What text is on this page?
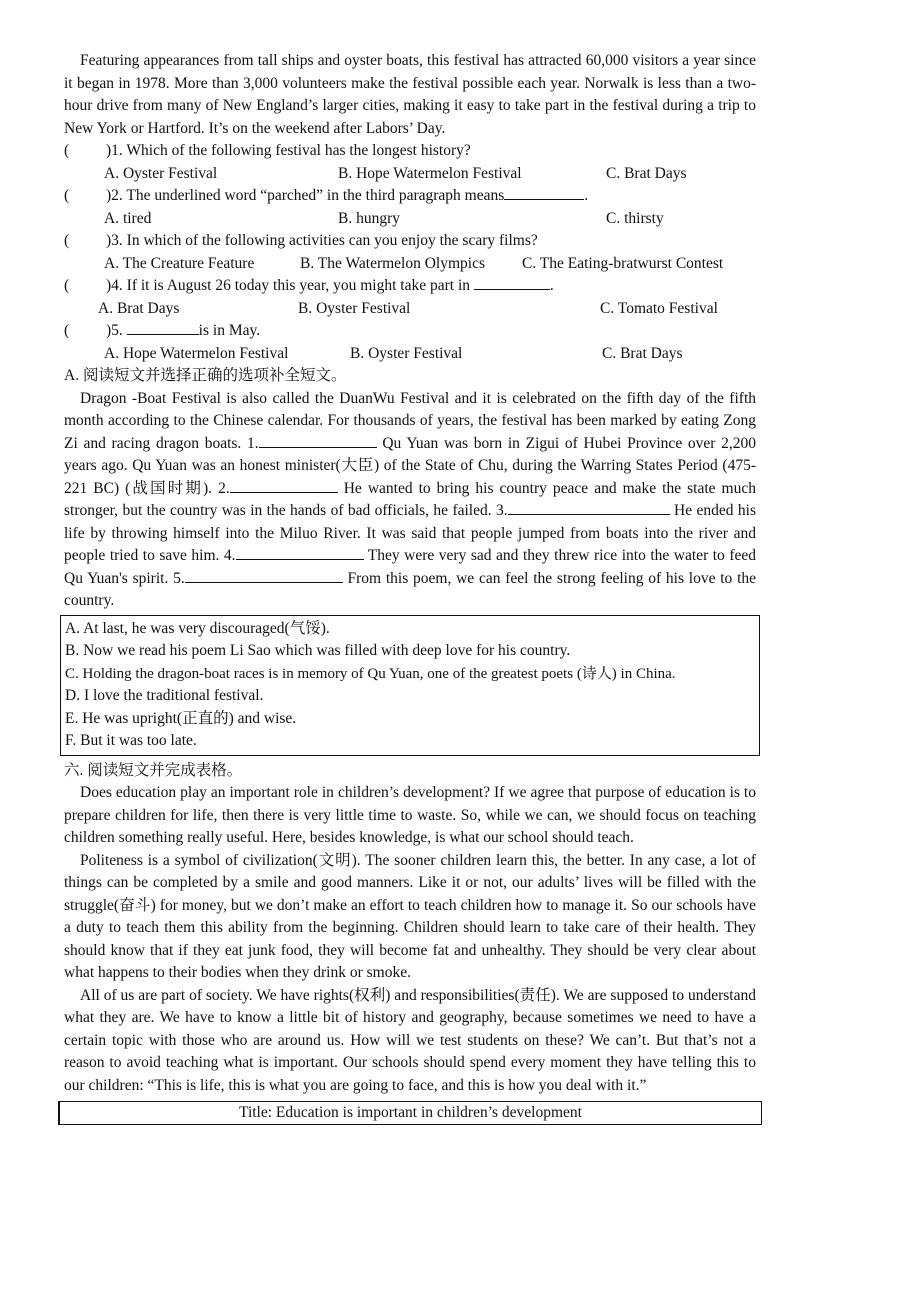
Featuring appearances from tall ships and oyster boats, this festival has attracted 60,000 visitors a year since it began in 1978. More than 3,000 volunteers make the festival possible each year. Norwalk is less than a two-hour drive from many of New England’s larger cities, making it easy to take part in the festival during a trip to New York or Hartford. It’s on the weekend after Labors’ Day.

(	)1. Which of the following festival has the longest history?
A. Oyster Festival	B. Hope Watermelon Festival	C. Brat Days
(	)2. The underlined word “parched” in the third paragraph means	.
A. tired	B. hungry	C. thirsty
(	)3. In which of the following activities can you enjoy the scary films?
A. The Creature Feature	B. The Watermelon Olympics	C. The Eating-bratwurst Contest
(	)4. If it is August 26 today this year, you might take part in	.
A. Brat Days	B. Oyster Festival	C. Tomato Festival
(	)5.	is in May.
A. Hope Watermelon Festival	B. Oyster Festival	C. Brat Days

A. 阅读短文并选择正确的选项补全短文。

Dragon -Boat Festival is also called the DuanWu Festival and it is celebrated on the fifth day of the fifth month according to the Chinese calendar. For thousands of years, the festival has been marked by eating Zong Zi and racing dragon boats. 1.	Qu Yuan was born in Zigui of Hubei Province over 2,200 years ago. Qu Yuan was an honest minister(大臣) of the State of Chu, during the Warring States Period (475-221 BC) (战国时期). 2.	He wanted to bring his country peace and make the state much stronger, but the country was in the hands of bad officials, he failed. 3.	He ended his life by throwing himself into the Miluo River. It was said that people jumped from boats into the river and people tried to save him. 4.	They were very sad and they threw rice into the water to feed Qu Yuan's spirit. 5.	From this poem, we can feel the strong feeling of his love to the country.

A. At last, he was very discouraged(气馁).

B. Now we read his poem Li Sao which was filled with deep love for his country.

C. Holding the dragon-boat races is in memory of Qu Yuan, one of the greatest poets (诗人) in China.

D. I love the traditional festival.

E. He was upright(正直的) and wise.

F. But it was too late.

六. 阅读短文并完成表格。

Does education play an important role in children’s development? If we agree that purpose of education is to prepare children for life, then there is very little time to waste. So, while we can, we should focus on teaching children something really useful. Here, besides knowledge, is what our school should teach.

Politeness is a symbol of civilization(文明). The sooner children learn this, the better. In any case, a lot of things can be completed by a smile and good manners. Like it or not, our adults’ lives will be filled with the struggle(奋斗) for money, but we don’t make an effort to teach children how to manage it. So our schools have a duty to teach them this ability from the beginning. Children should learn to take care of their health. They should know that if they eat junk food, they will become fat and unhealthy. They should be very clear about what happens to their bodies when they drink or smoke.

All of us are part of society. We have rights(权利) and responsibilities(责任). We are supposed to understand what they are. We have to know a little bit of history and geography, because sometimes we need to have a certain topic with those who are around us. How will we test students on these? We can’t. But that’s not a reason to avoid teaching what is important. Our schools should spend every moment they have telling this to our children: “This is life, this is what you are going to face, and this is how you deal with it.”

Title: Education is important in children’s development
